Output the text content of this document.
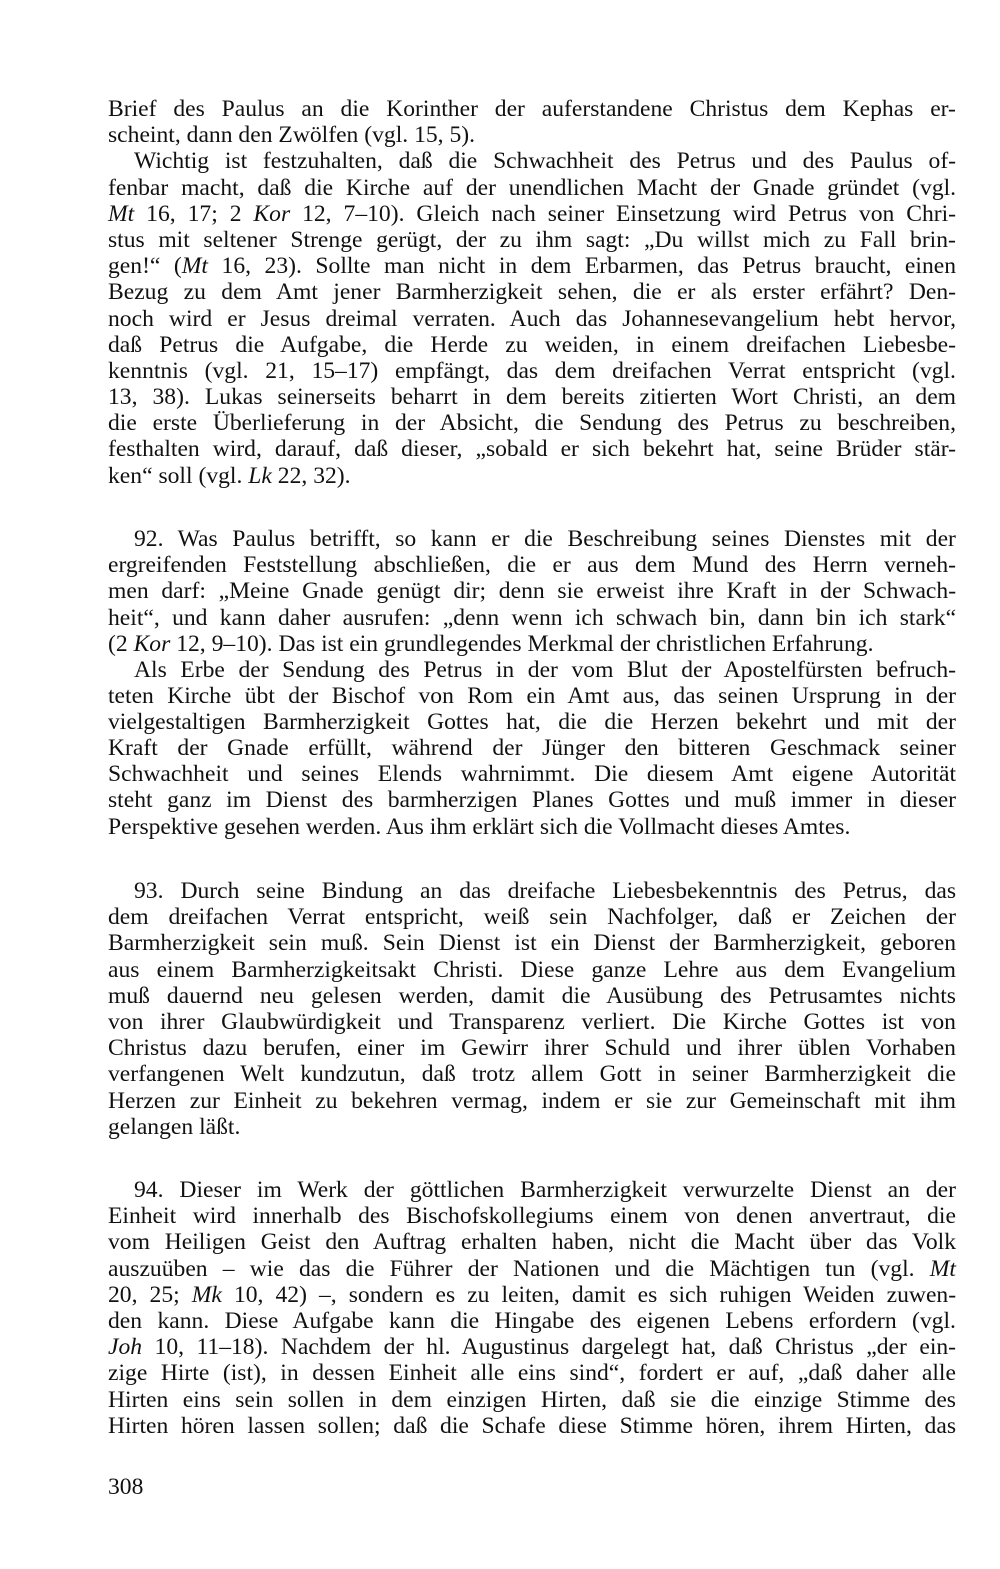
Brief des Paulus an die Korinther der auferstandene Christus dem Kephas er-
scheint, dann den Zwölfen (vgl. 15, 5).
Wichtig ist festzuhalten, daß die Schwachheit des Petrus und des Paulus of-
fenbar macht, daß die Kirche auf der unendlichen Macht der Gnade gründet (vgl.
Mt 16, 17; 2 Kor 12, 7–10). Gleich nach seiner Einsetzung wird Petrus von Chri-
stus mit seltener Strenge gerügt, der zu ihm sagt: „Du willst mich zu Fall brin-
gen!“ (Mt 16, 23). Sollte man nicht in dem Erbarmen, das Petrus braucht, einen
Bezug zu dem Amt jener Barmherzigkeit sehen, die er als erster erfährt? Den-
noch wird er Jesus dreimal verraten. Auch das Johannesevangelium hebt hervor,
daß Petrus die Aufgabe, die Herde zu weiden, in einem dreifachen Liebesbe-
kenntnis (vgl. 21, 15–17) empfängt, das dem dreifachen Verrat entspricht (vgl.
13, 38). Lukas seinerseits beharrt in dem bereits zitierten Wort Christi, an dem
die erste Überlieferung in der Absicht, die Sendung des Petrus zu beschreiben,
festhalten wird, darauf, daß dieser, „sobald er sich bekehrt hat, seine Brüder stär-
ken“ soll (vgl. Lk 22, 32).
92. Was Paulus betrifft, so kann er die Beschreibung seines Dienstes mit der
ergreifenden Feststellung abschließen, die er aus dem Mund des Herrn verneh-
men darf: „Meine Gnade genügt dir; denn sie erweist ihre Kraft in der Schwach-
heit“, und kann daher ausrufen: „denn wenn ich schwach bin, dann bin ich stark“
(2 Kor 12, 9–10). Das ist ein grundlegendes Merkmal der christlichen Erfahrung.
Als Erbe der Sendung des Petrus in der vom Blut der Apostelfürsten befruch-
teten Kirche übt der Bischof von Rom ein Amt aus, das seinen Ursprung in der
vielgestaltigen Barmherzigkeit Gottes hat, die die Herzen bekehrt und mit der
Kraft der Gnade erfüllt, während der Jünger den bitteren Geschmack seiner
Schwachheit und seines Elends wahrnimmt. Die diesem Amt eigene Autorität
steht ganz im Dienst des barmherzigen Planes Gottes und muß immer in dieser
Perspektive gesehen werden. Aus ihm erklärt sich die Vollmacht dieses Amtes.
93. Durch seine Bindung an das dreifache Liebesbekenntnis des Petrus, das
dem dreifachen Verrat entspricht, weiß sein Nachfolger, daß er Zeichen der
Barmherzigkeit sein muß. Sein Dienst ist ein Dienst der Barmherzigkeit, geboren
aus einem Barmherzigkeitsakt Christi. Diese ganze Lehre aus dem Evangelium
muß dauernd neu gelesen werden, damit die Ausübung des Petrusamtes nichts
von ihrer Glaubwürdigkeit und Transparenz verliert. Die Kirche Gottes ist von
Christus dazu berufen, einer im Gewirr ihrer Schuld und ihrer üblen Vorhaben
verfangenen Welt kundzutun, daß trotz allem Gott in seiner Barmherzigkeit die
Herzen zur Einheit zu bekehren vermag, indem er sie zur Gemeinschaft mit ihm
gelangen läßt.
94. Dieser im Werk der göttlichen Barmherzigkeit verwurzelte Dienst an der
Einheit wird innerhalb des Bischofskollegiums einem von denen anvertraut, die
vom Heiligen Geist den Auftrag erhalten haben, nicht die Macht über das Volk
auszuüben – wie das die Führer der Nationen und die Mächtigen tun (vgl. Mt
20, 25; Mk 10, 42) –, sondern es zu leiten, damit es sich ruhigen Weiden zuwen-
den kann. Diese Aufgabe kann die Hingabe des eigenen Lebens erfordern (vgl.
Joh 10, 11–18). Nachdem der hl. Augustinus dargelegt hat, daß Christus „der ein-
zige Hirte (ist), in dessen Einheit alle eins sind“, fordert er auf, „daß daher alle
Hirten eins sein sollen in dem einzigen Hirten, daß sie die einzige Stimme des
Hirten hören lassen sollen; daß die Schafe diese Stimme hören, ihrem Hirten, das
308
